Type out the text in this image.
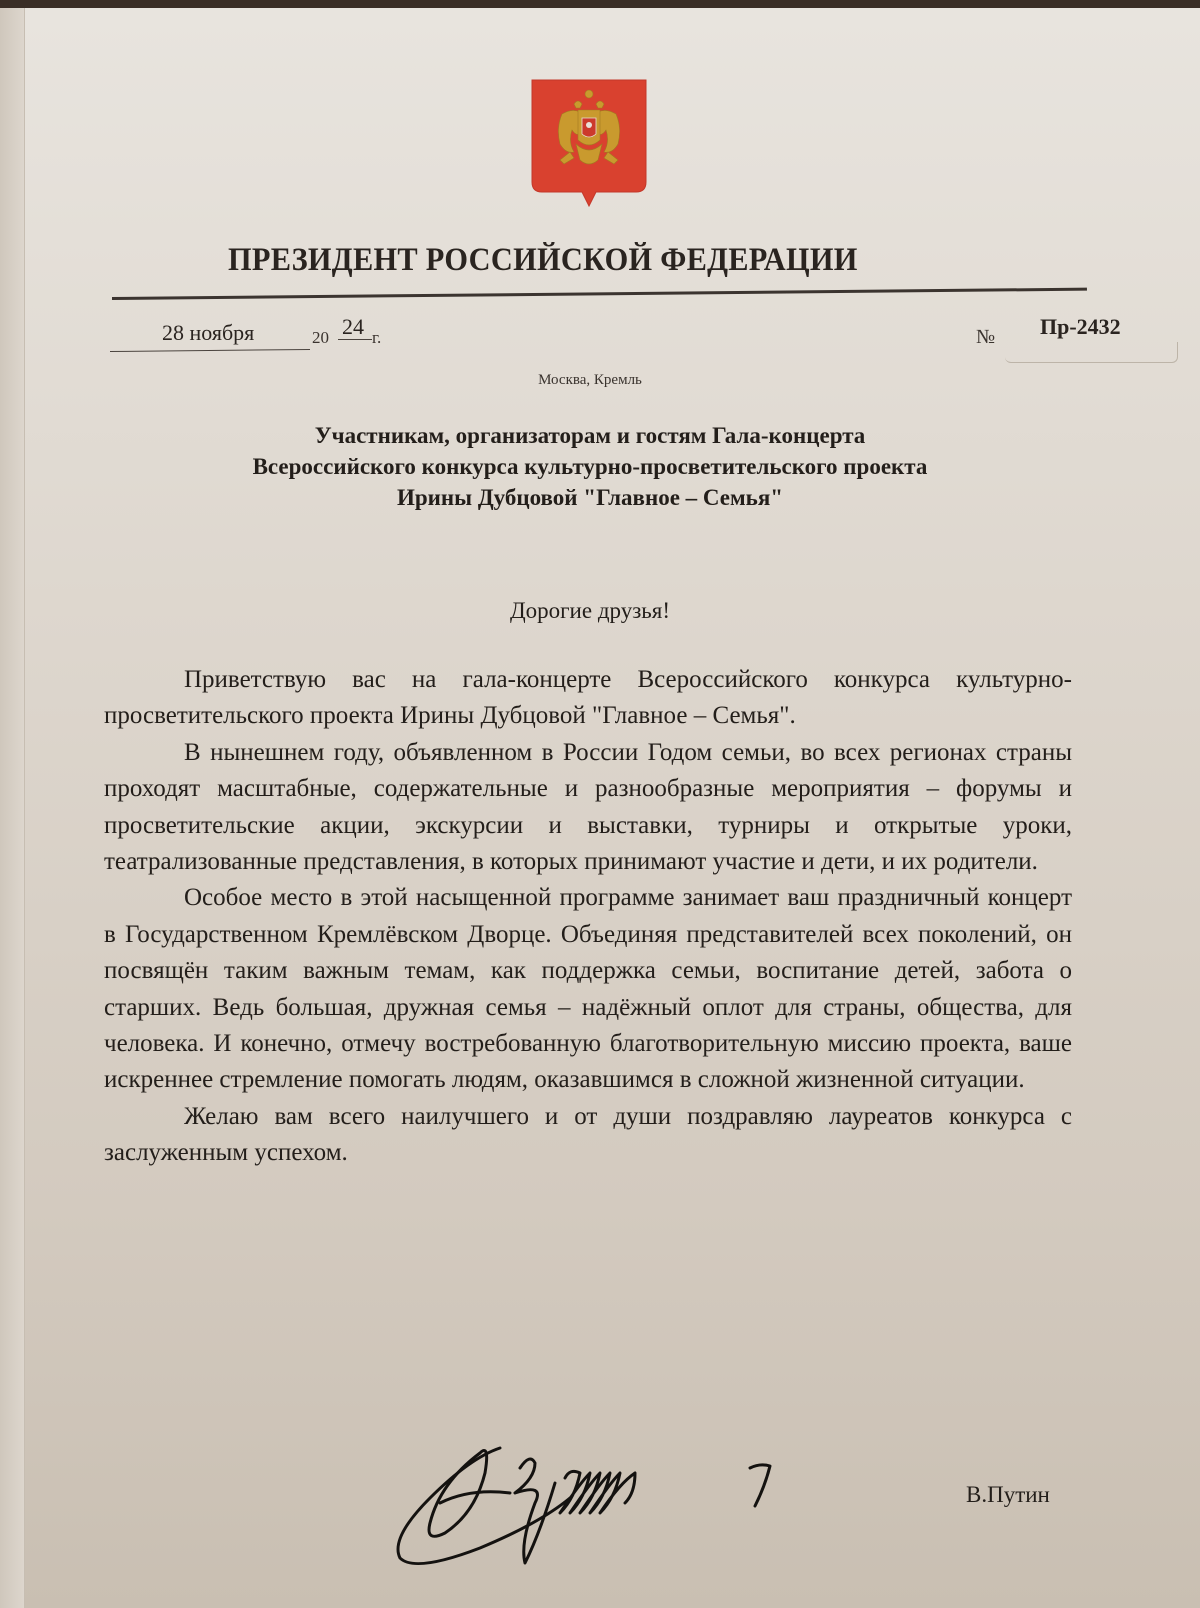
ПРЕЗИДЕНТ РОССИЙСКОЙ ФЕДЕРАЦИИ
28 ноября	20 24 г.	№ Пр-2432
Москва, Кремль
Участникам, организаторам и гостям Гала-концерта
Всероссийского конкурса культурно-просветительского проекта
Ирины Дубцовой "Главное – Семья"
Дорогие друзья!

Приветствую вас на гала-концерте Всероссийского конкурса культурно-просветительского проекта Ирины Дубцовой "Главное – Семья".

В нынешнем году, объявленном в России Годом семьи, во всех регионах страны проходят масштабные, содержательные и разнообразные мероприятия – форумы и просветительские акции, экскурсии и выставки, турниры и открытые уроки, театрализованные представления, в которых принимают участие и дети, и их родители.

Особое место в этой насыщенной программе занимает ваш праздничный концерт в Государственном Кремлёвском Дворце. Объединяя представителей всех поколений, он посвящён таким важным темам, как поддержка семьи, воспитание детей, забота о старших. Ведь большая, дружная семья – надёжный оплот для страны, общества, для человека. И конечно, отмечу востребованную благотворительную миссию проекта, ваше искреннее стремление помогать людям, оказавшимся в сложной жизненной ситуации.

Желаю вам всего наилучшего и от души поздравляю лауреатов конкурса с заслуженным успехом.

В.Путин
